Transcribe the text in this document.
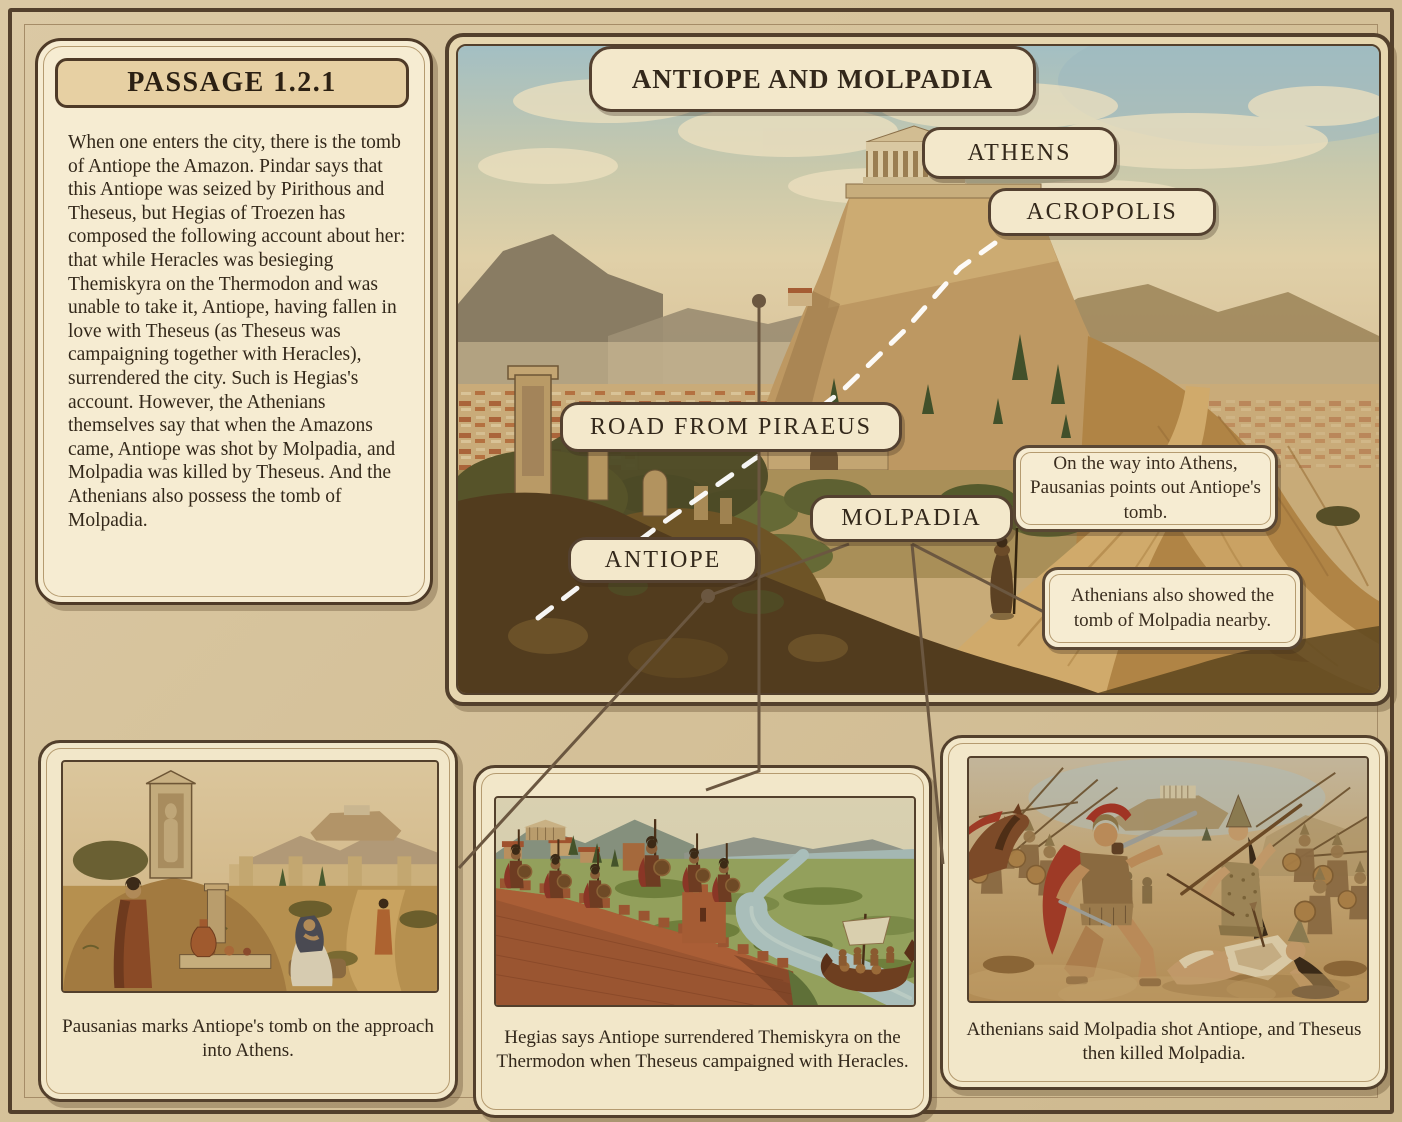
PASSAGE 1.2.1
When one enters the city, there is the tomb of Antiope the Amazon. Pindar says that this Antiope was seized by Pirithous and Theseus, but Hegias of Troezen has composed the following account about her: that while Heracles was besieging Themiskyra on the Thermodon and was unable to take it, Antiope, having fallen in love with Theseus (as Theseus was campaigning together with Heracles), surrendered the city. Such is Hegias's account. However, the Athenians themselves say that when the Amazons came, Antiope was shot by Molpadia, and Molpadia was killed by Theseus. And the Athenians also possess the tomb of Molpadia.
ANTIOPE AND MOLPADIA
ATHENS
ACROPOLIS
ROAD FROM PIRAEUS
MOLPADIA
ANTIOPE
On the way into Athens, Pausanias points out Antiope's tomb.
Athenians also showed the tomb of Molpadia nearby.
Pausanias marks Antiope's tomb on the approach into Athens.
Hegias says Antiope surrendered Themiskyra on the Thermodon when Theseus campaigned with Heracles.
Athenians said Molpadia shot Antiope, and Theseus then killed Molpadia.
